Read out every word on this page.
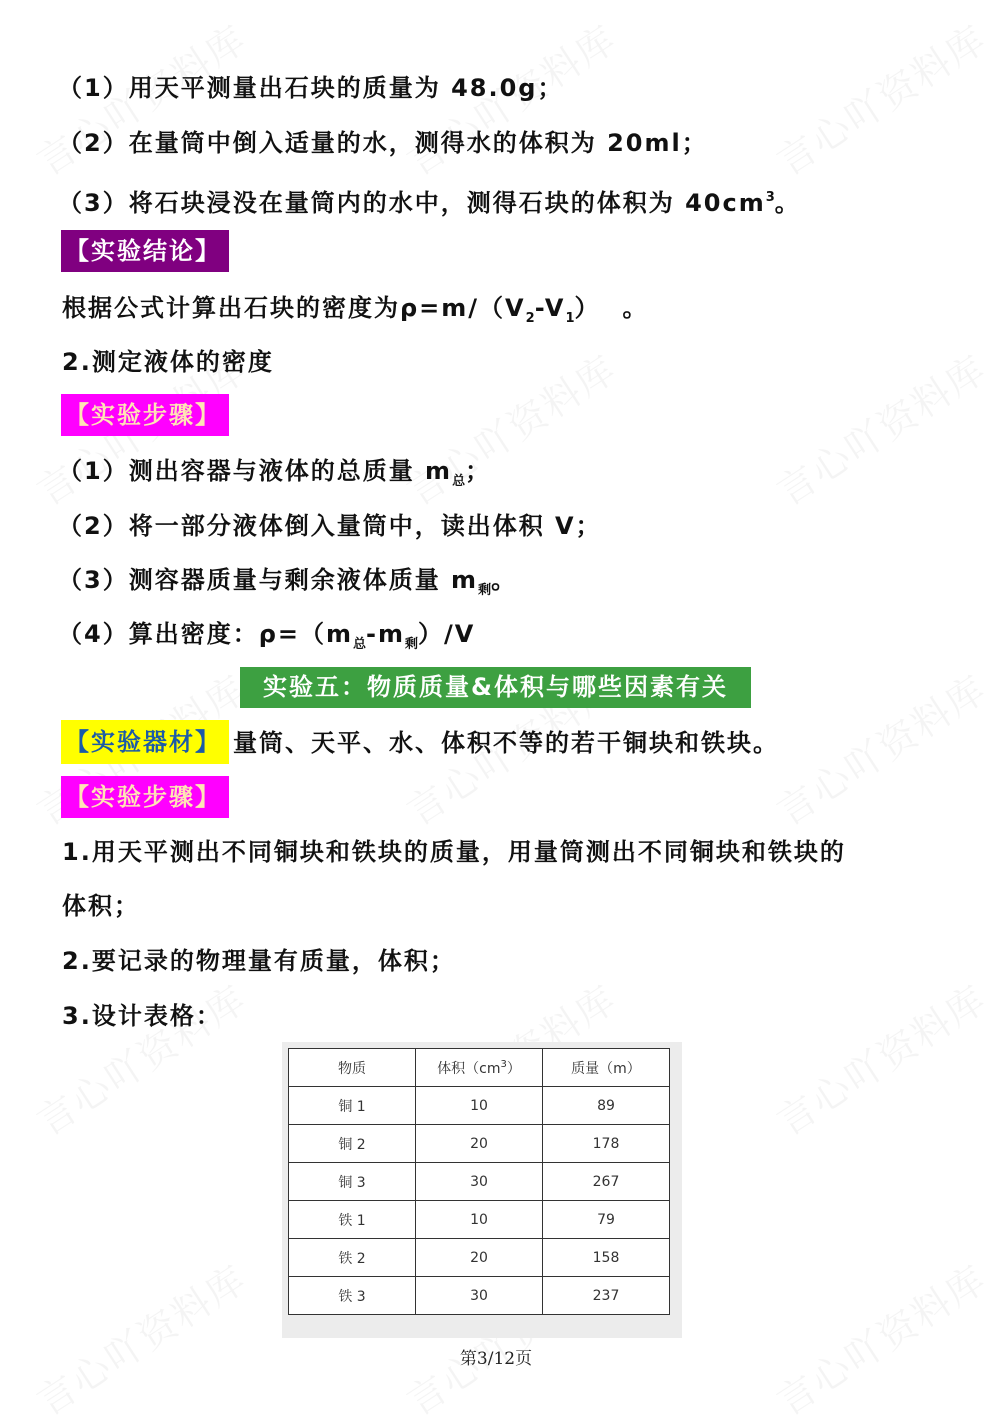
（1）用天平测量出石块的质量为 48.0g；
（2）在量筒中倒入适量的水，测得水的体积为 20ml；
（3）将石块浸没在量筒内的水中，测得石块的体积为 $40cm^3$。
【实验结论】
根据公式计算出石块的密度为$\rho=m/(V_2-V_1)$ 。
2.测定液体的密度
【实验步骤】
（1）测出容器与液体的总质量 $m_总$；
（2）将一部分液体倒入量筒中，读出体积 V；
（3）测容器质量与剩余液体质量 $m_剩$。
（4）算出密度：$\rho=(m_总-m_剩)/V$
实验五：物质质量&体积与哪些因素有关
【实验器材】 量筒、天平、水、体积不等的若干铜块和铁块。
【实验步骤】
1.用天平测出不同铜块和铁块的质量，用量筒测出不同铜块和铁块的
体积；
2.要记录的物理量有质量，体积；
3.设计表格：
物质	体积$(cm^3)$	质量（m）
铜 1	10	89
铜 2	20	178
铜 3	30	267
铁 1	10	79
铁 2	20	158
铁 3	30	237
第3/12页
